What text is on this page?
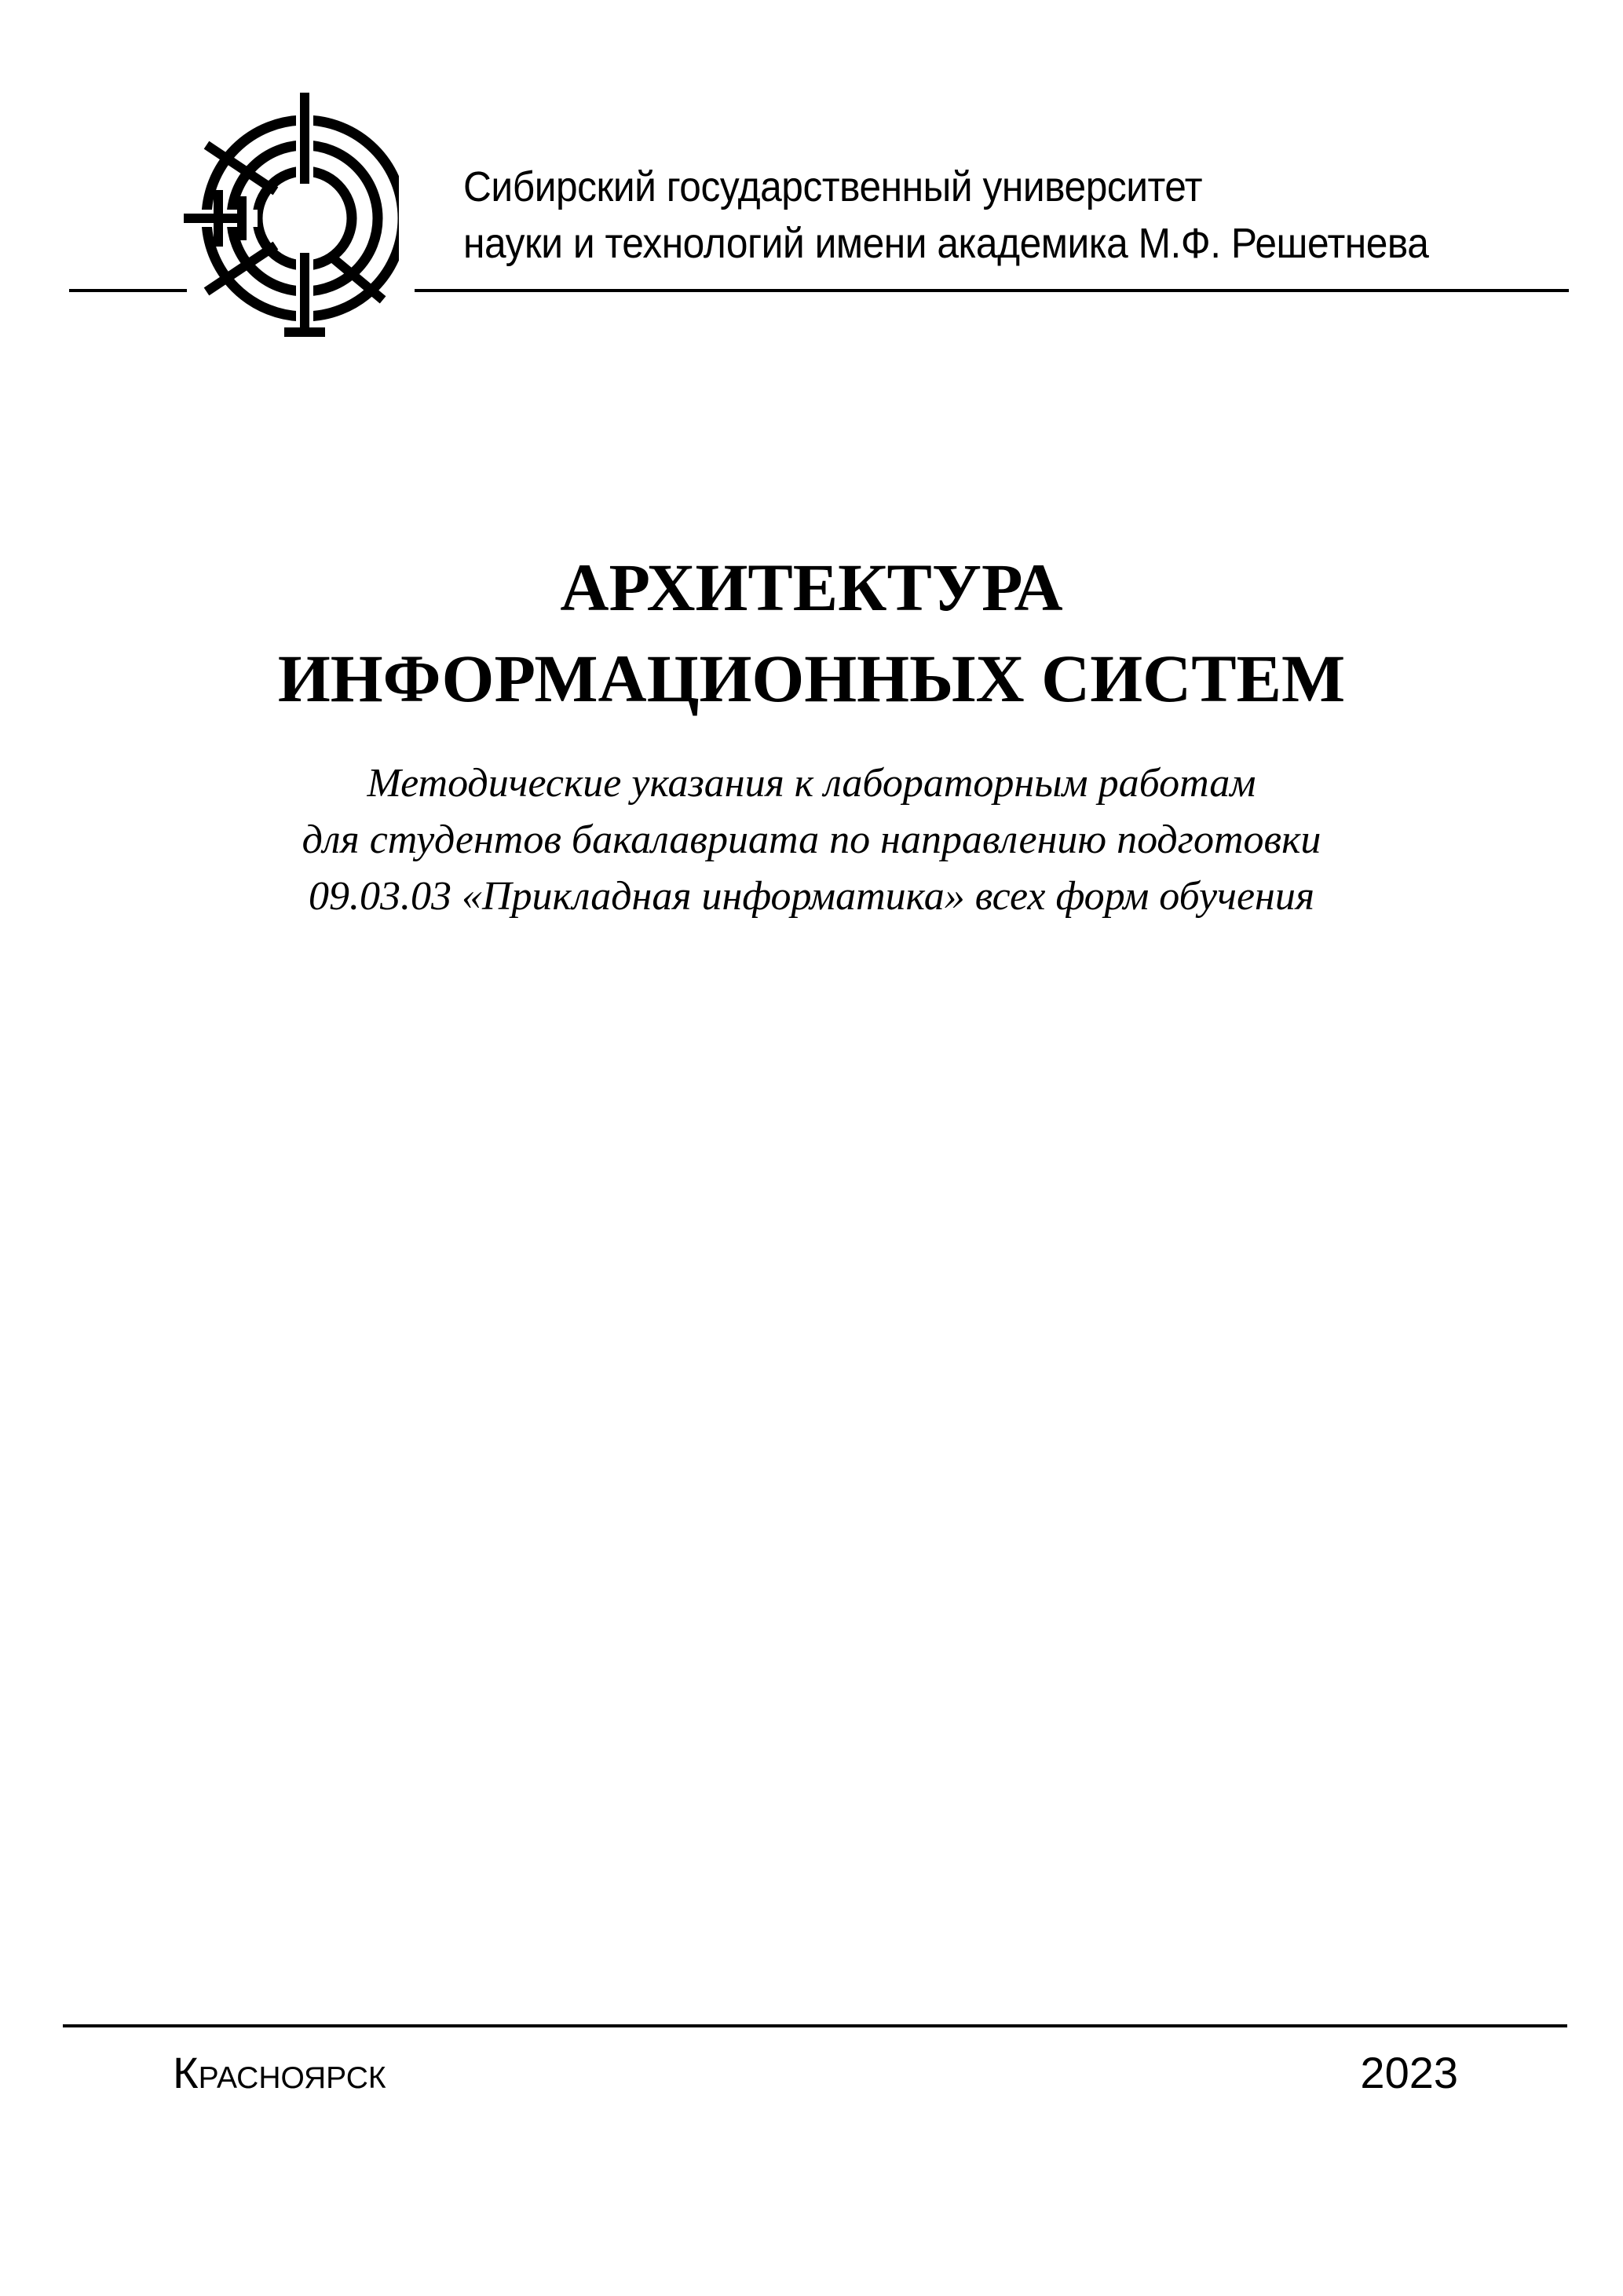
Сибирский государственный университет
науки и технологий имени академика М.Ф. Решетнева
АРХИТЕКТУРА
ИНФОРМАЦИОННЫХ СИСТЕМ
Методические указания к лабораторным работам
для студентов бакалавриата по направлению подготовки
09.03.03 «Прикладная информатика» всех форм обучения
Красноярск	2023
